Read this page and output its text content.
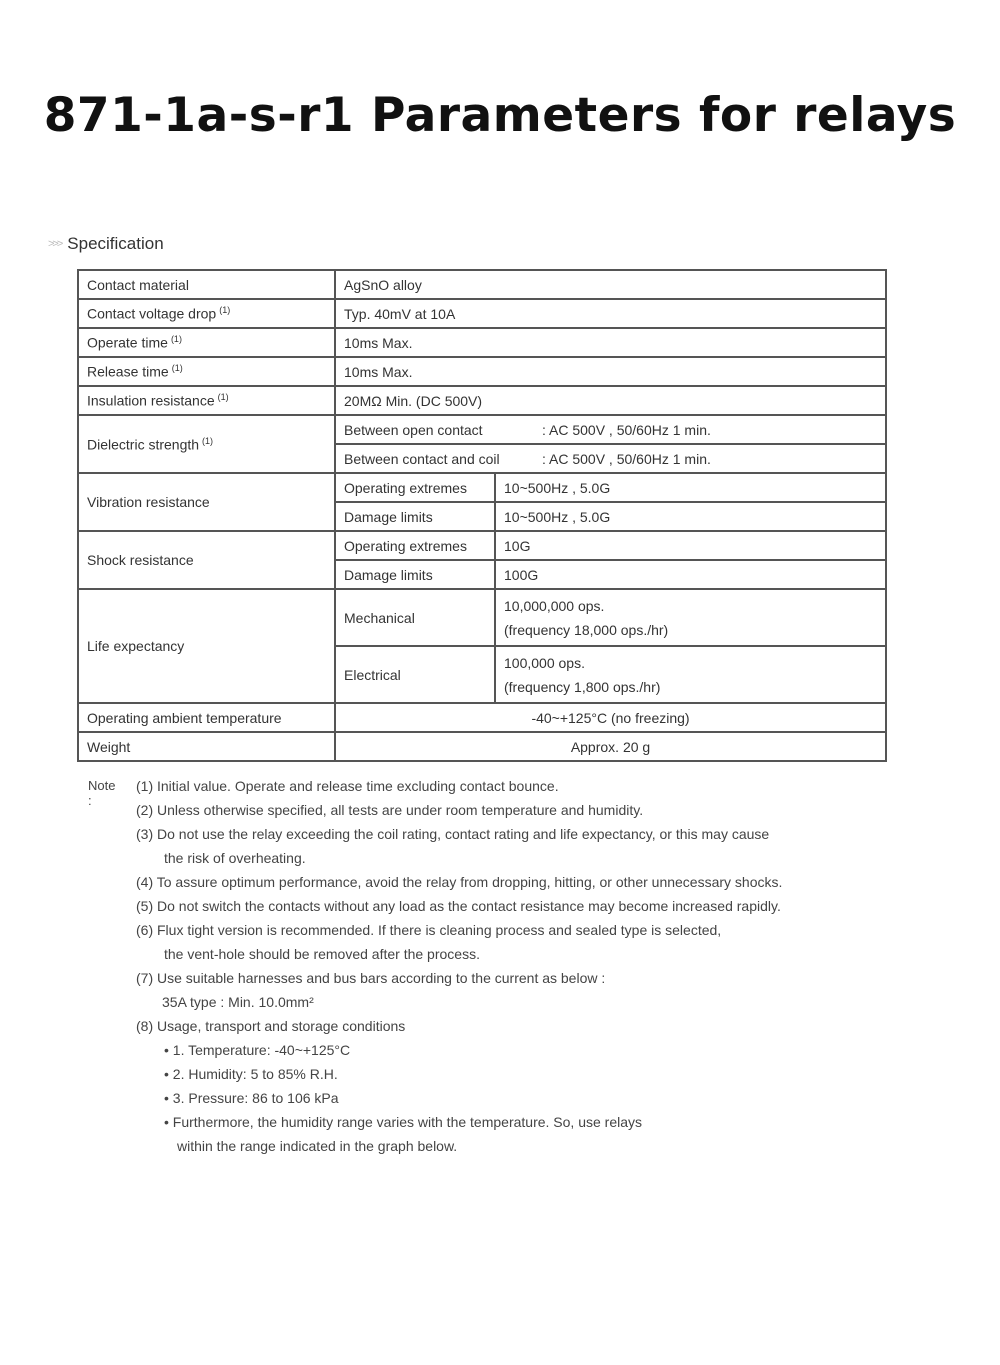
871-1a-s-r1 Parameters for relays
>>> Specification
Contact material	AgSnO alloy	
Contact voltage drop $^{(1)}$	Typ. 40mV at 10A	
Operate time $^{(1)}$	10ms Max.	
Release time $^{(1)}$	10ms Max.	
Insulation resistance $^{(1)}$	20MΩ Min. (DC 500V)	
Dielectric strength $^{(1)}$	Between open contact : AC 500V , 50/60Hz 1 min.	
	Between contact and coil : AC 500V , 50/60Hz 1 min.	
Vibration resistance	Operating extremes	10~500Hz , 5.0G
	Damage limits	10~500Hz , 5.0G
Shock resistance	Operating extremes	10G
	Damage limits	100G
Life expectancy	Mechanical	10,000,000 ops.
(frequency 18,000 ops./hr)

	Electrical	100,000 ops.
(frequency 1,800 ops./hr)

Operating ambient temperature	-40~+125°C (no freezing)	
Weight	Approx. 20 g	
Note :
(1) Initial value. Operate and release time excluding contact bounce.
(2) Unless otherwise specified, all tests are under room temperature and humidity.
(3) Do not use the relay exceeding the coil rating, contact rating and life expectancy, or this may cause
the risk of overheating.
(4) To assure optimum performance, avoid the relay from dropping, hitting, or other unnecessary shocks.
(5) Do not switch the contacts without any load as the contact resistance may become increased rapidly.
(6) Flux tight version is recommended. If there is cleaning process and sealed type is selected,
the vent-hole should be removed after the process.
(7) Use suitable harnesses and bus bars according to the current as below :
35A type : Min. 10.0mm²
(8) Usage, transport and storage conditions
• 1. Temperature: -40~+125°C
• 2. Humidity: 5 to 85% R.H.
• 3. Pressure: 86 to 106 kPa
• Furthermore, the humidity range varies with the temperature. So, use relays
within the range indicated in the graph below.
